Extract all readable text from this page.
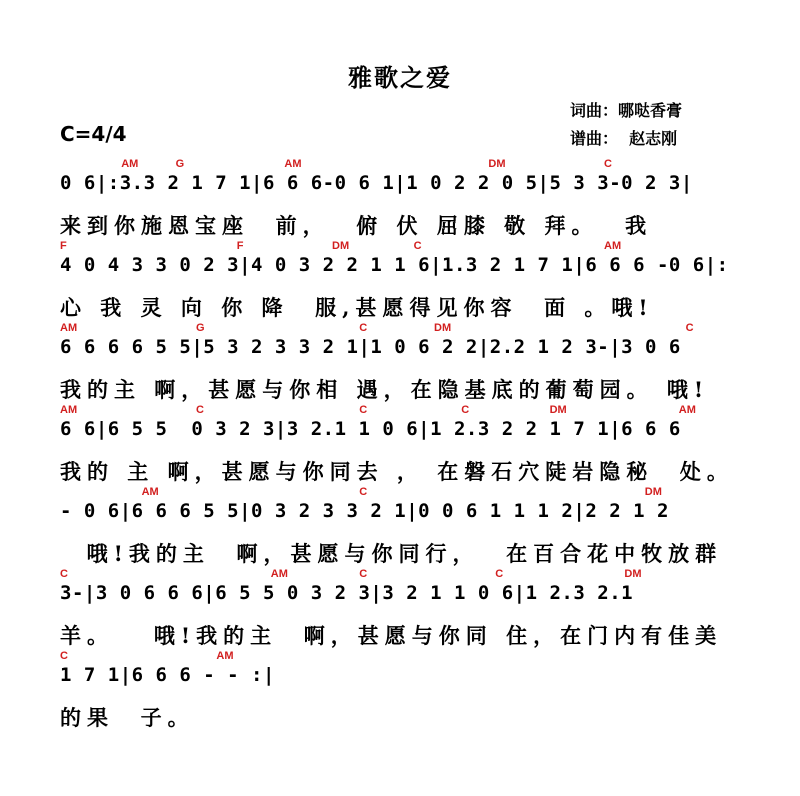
雅歌之爱
词曲：哪哒香膏
谱曲：  赵志刚
C=4/4
AM	G	AM	DM	C
0 6|:3.3 2 1 7 1|6 6 6-0 6 1|1 0 2 2 0 5|5 3 3-0 2 3|
来到你施恩宝座  前，  俯 伏 屈膝 敬 拜。  我
F	F	DM	C	AM
4 0 4 3 3 0 2 3|4 0 3 2 2 1 1 6|1.3 2 1 7 1|6 6 6 -0 6|:
心 我 灵 向 你 降  服,甚愿得见你容  面 。哦!
AM	G	C	DM	C
6 6 6 6 5 5|5 3 2 3 3 2 1|1 0 6 2 2|2.2 1 2 3-|3 0 6
我的主 啊，甚愿与你相 遇，在隐基底的葡萄园。 哦!
AM	C	C	C	DM	AM
6 6|6 5 5  0 3 2 3|3 2.1 1 0 6|1 2.3 2 2 1 7 1|6 6 6
我的 主 啊，甚愿与你同去 ， 在磐石穴陡岩隐秘  处。
AM	C	DM
- 0 6|6 6 6 5 5|0 3 2 3 3 2 1|0 0 6 1 1 1 2|2 2 1 2
哦!我的主  啊，甚愿与你同行，  在百合花中牧放群
C	AM	C	C	DM
3-|3 0 6 6 6|6 5 5 0 3 2 3|3 2 1 1 0 6|1 2.3 2.1
羊。   哦!我的主  啊，甚愿与你同 住，在门内有佳美
C	AM
1 7 1|6 6 6 - - :|
的果  子。
